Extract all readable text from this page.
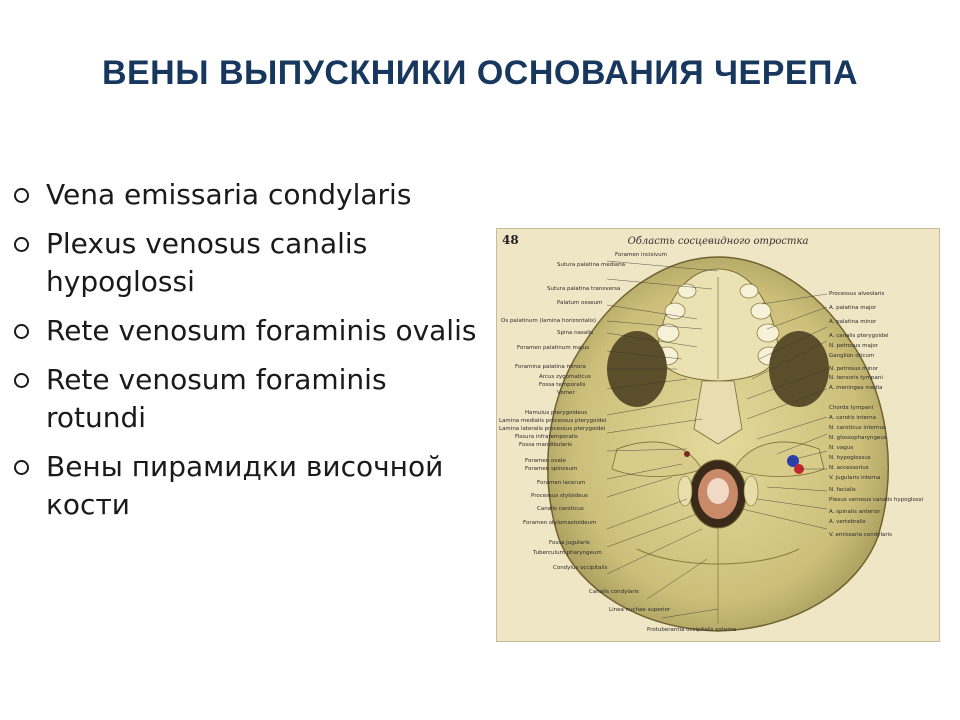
ВЕНЫ ВЫПУСКНИКИ ОСНОВАНИЯ ЧЕРЕПА
Vena emissaria condylaris
Plexus venosus canalis hypoglossi
Rete venosum foraminis ovalis
Rete venosum foraminis rotundi
Вены пирамидки височной кости
48	Область сосцевидного отростка
Foramen incisivum
Sutura palatina mediana
Sutura palatina transversa
Palatum osseum
Os palatinum (lamina horizontalis)
Spina nasalis
Foramen palatinum majus
Foramina palatina minora
Arcus zygomaticus
Fossa temporalis
Vomer
Hamulus pterygoideus
Lamina medialis processus pterygoidei
Lamina lateralis processus pterygoidei
Fissura infratemporalis
Fossa mandibularis
Foramen ovale
Foramen spinosum
Foramen lacerum
Processus styloideus
Canalis caroticus
Foramen stylomastoideum
Fossa jugularis
Tuberculum pharyngeum
Condylus occipitalis
Canalis condylaris
Linea nuchae superior
Protuberantia occipitalis externa
Processus alveolaris
A. palatina major
A. palatina minor
A. canalis pterygoidei
N. petrosus major
Ganglion oticum
N. petrosus minor
N. tensoris tympani
A. meningea media
Chorda tympani
A. carotis interna
N. caroticus internus
N. glossopharyngeus
N. vagus
N. hypoglossus
N. accessorius
V. jugularis interna
N. facialis
Plexus venosus canalis hypoglossi
A. spinalis anterior
A. vertebralis
V. emissaria condylaris
